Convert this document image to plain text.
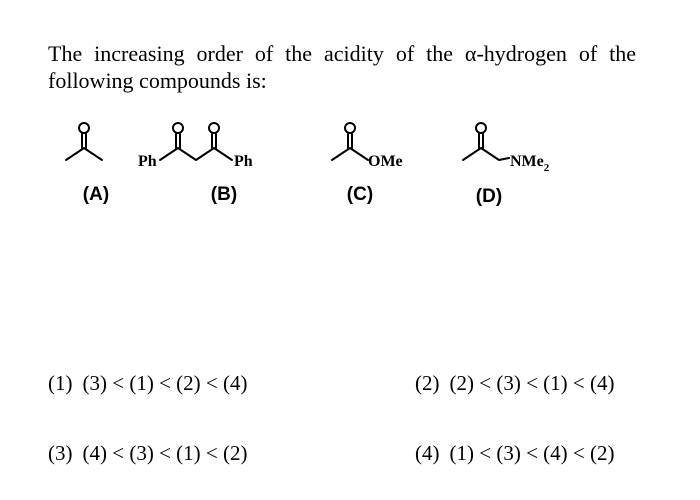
The increasing order of the acidity of the α-hydrogen of the following compounds is:

(A)
Ph	Ph
(B)
OMe
(C)
NMe$_2$
(D)
(1) (3) < (1) < (2) < (4)	(2) (2) < (3) < (1) < (4)
(3) (4) < (3) < (1) < (2)	(4) (1) < (3) < (4) < (2)
